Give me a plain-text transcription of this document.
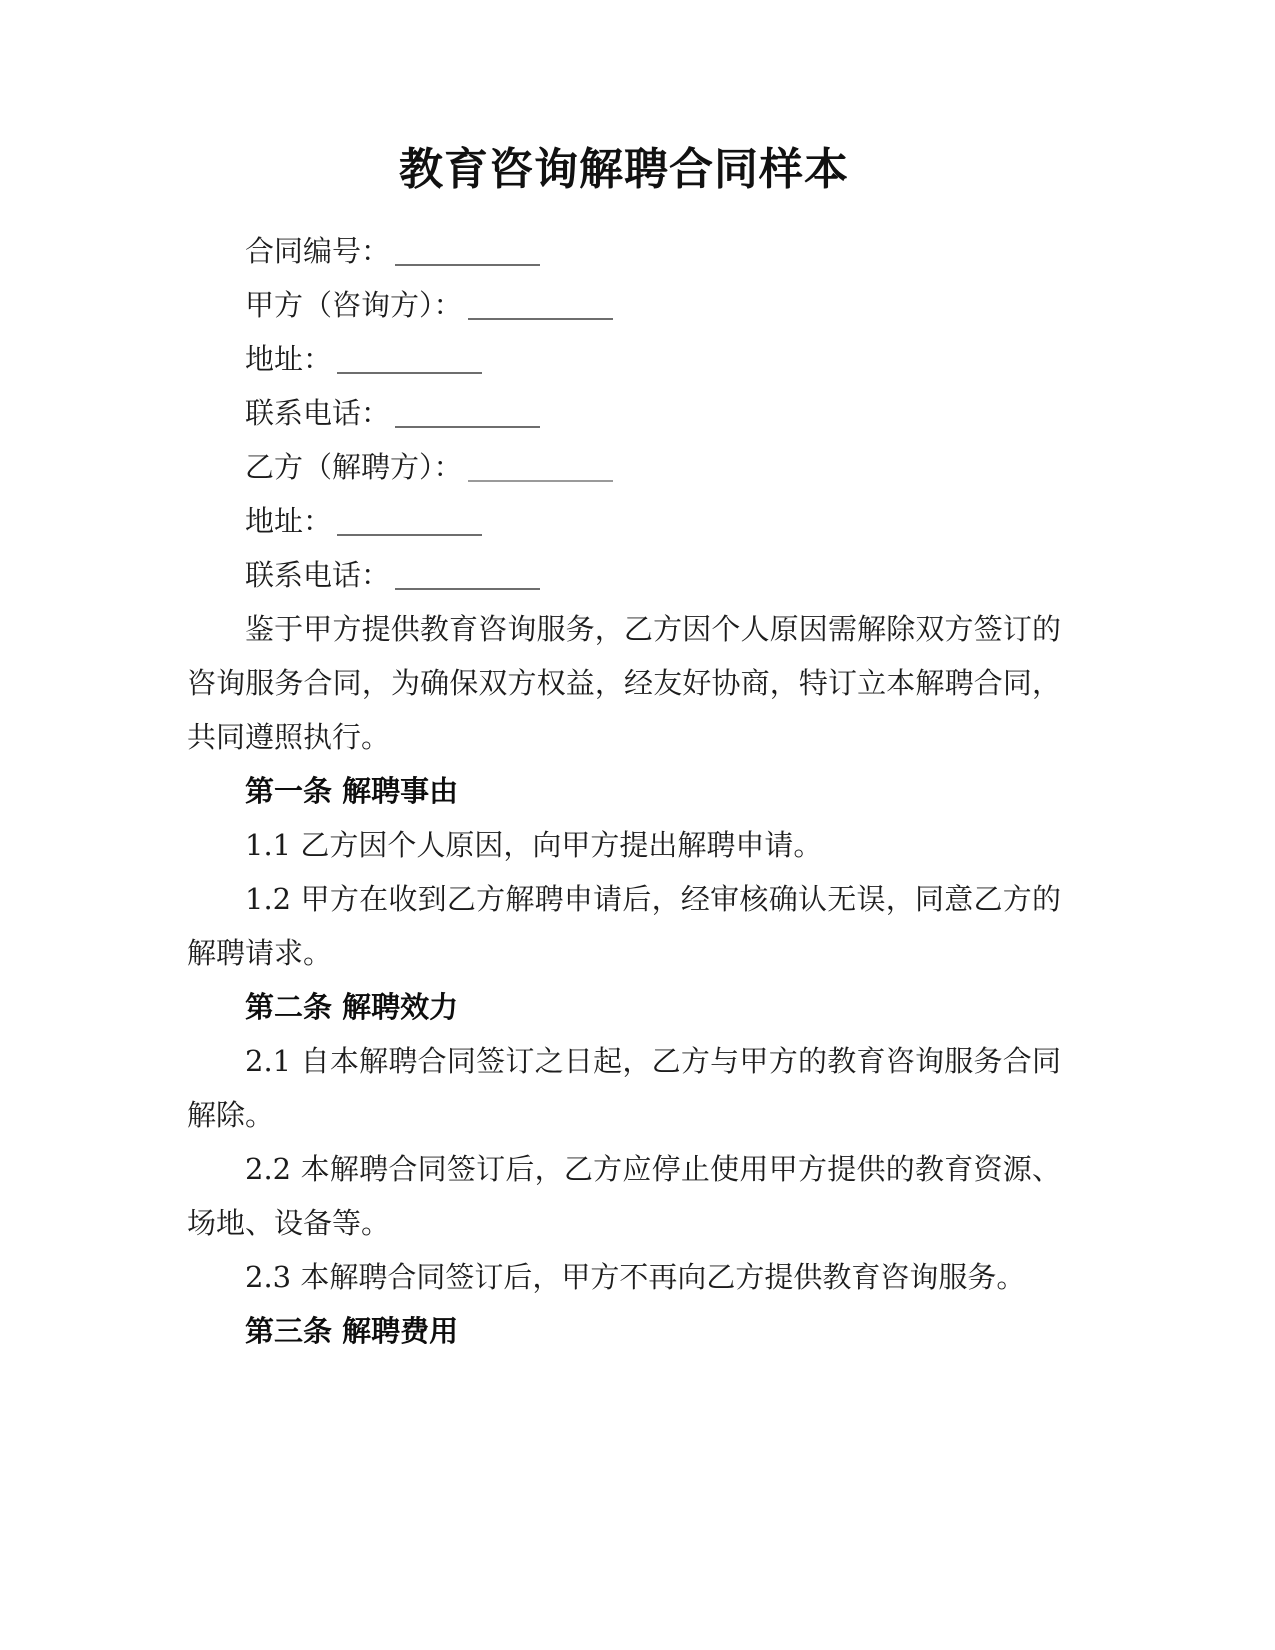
教育咨询解聘合同样本

合同编号：

甲方（咨询方）：

地址：

联系电话：

乙方（解聘方）：

地址：

联系电话：

鉴于甲方提供教育咨询服务，乙方因个人原因需解除双方签订的咨询服务合同，为确保双方权益，经友好协商，特订立本解聘合同，共同遵照执行。

第一条 解聘事由

1.1 乙方因个人原因，向甲方提出解聘申请。

1.2 甲方在收到乙方解聘申请后，经审核确认无误，同意乙方的解聘请求。

第二条 解聘效力

2.1 自本解聘合同签订之日起，乙方与甲方的教育咨询服务合同解除。

2.2 本解聘合同签订后，乙方应停止使用甲方提供的教育资源、场地、设备等。

2.3 本解聘合同签订后，甲方不再向乙方提供教育咨询服务。

第三条 解聘费用
